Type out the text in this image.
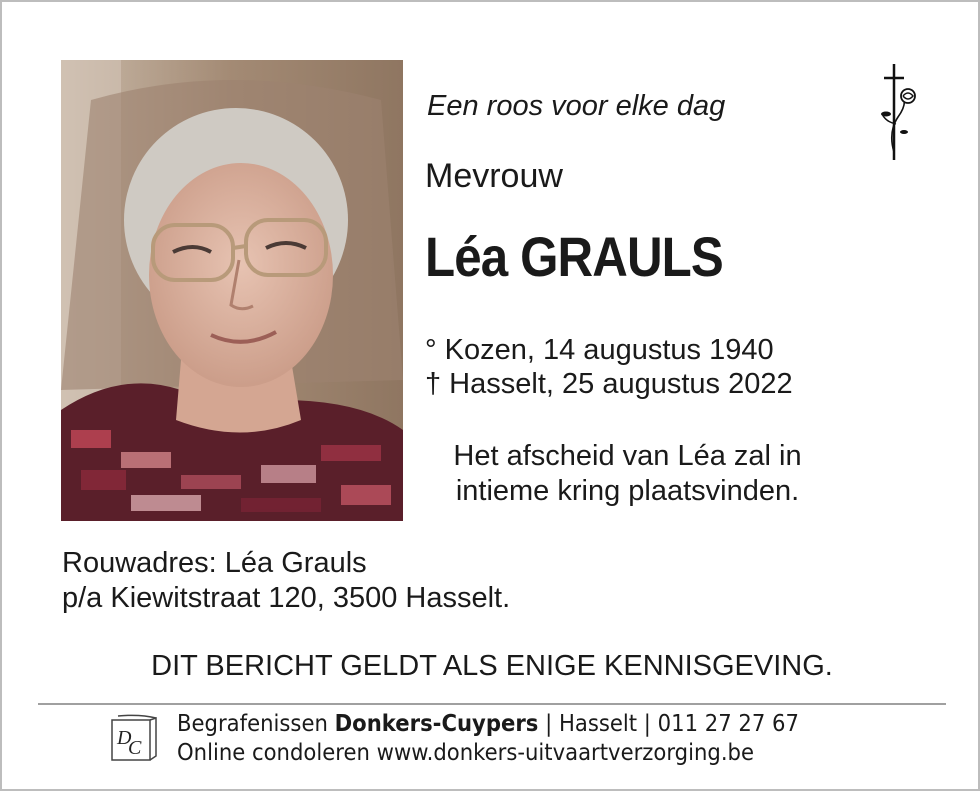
Een roos voor elke dag
Mevrouw
Léa GRAULS
° Kozen, 14 augustus 1940
† Hasselt, 25 augustus 2022
Het afscheid van Léa zal in intieme kring plaatsvinden.
Rouwadres: Léa Grauls
p/a Kiewitstraat 120, 3500 Hasselt.
DIT BERICHT GELDT ALS ENIGE KENNISGEVING.
D
C
Begrafenissen Donkers-Cuypers | Hasselt | 011 27 27 67
Online condoleren www.donkers-uitvaartverzorging.be
